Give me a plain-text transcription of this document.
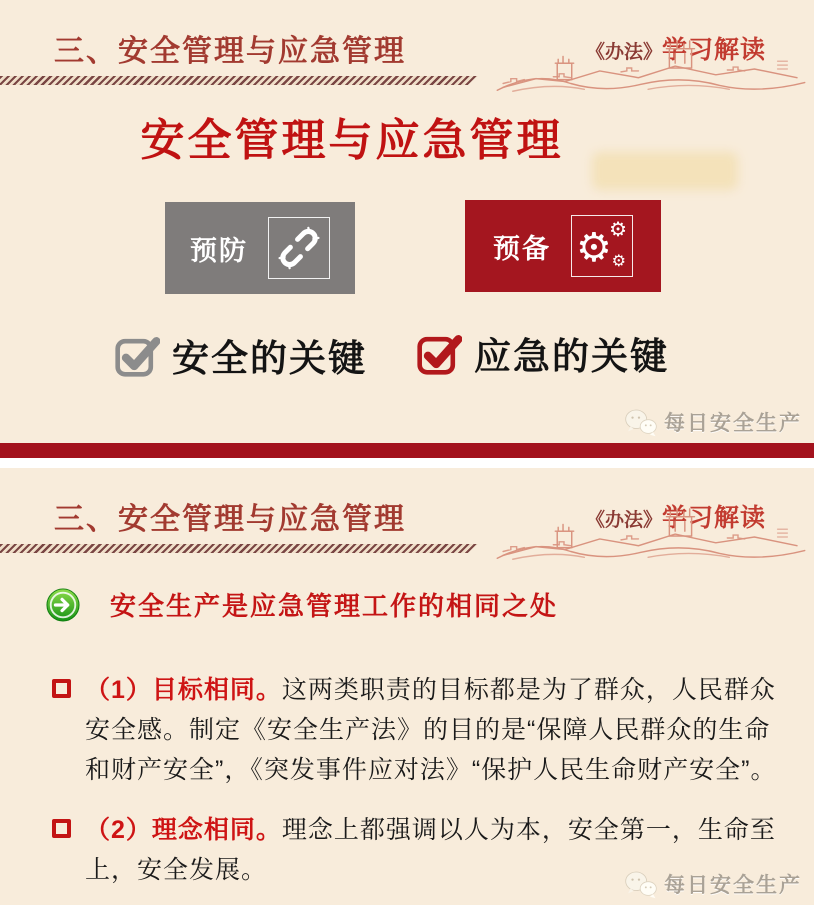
三、安全管理与应急管理	《办法》学习解读
安全管理与应急管理
预防	预备 ⚙
⚙
⚙
安全的关键	应急的关键
每日安全生产
三、安全管理与应急管理	《办法》学习解读
安全生产是应急管理工作的相同之处

（1）目标相同。这两类职责的目标都是为了群众，人民群众安全感。制定《安全生产法》的目的是“保障人民群众的生命和财产安全”，《突发事件应对法》“保护人民生命财产安全”。

（2）理念相同。理念上都强调以人为本，安全第一，生命至上，安全发展。

每日安全生产
